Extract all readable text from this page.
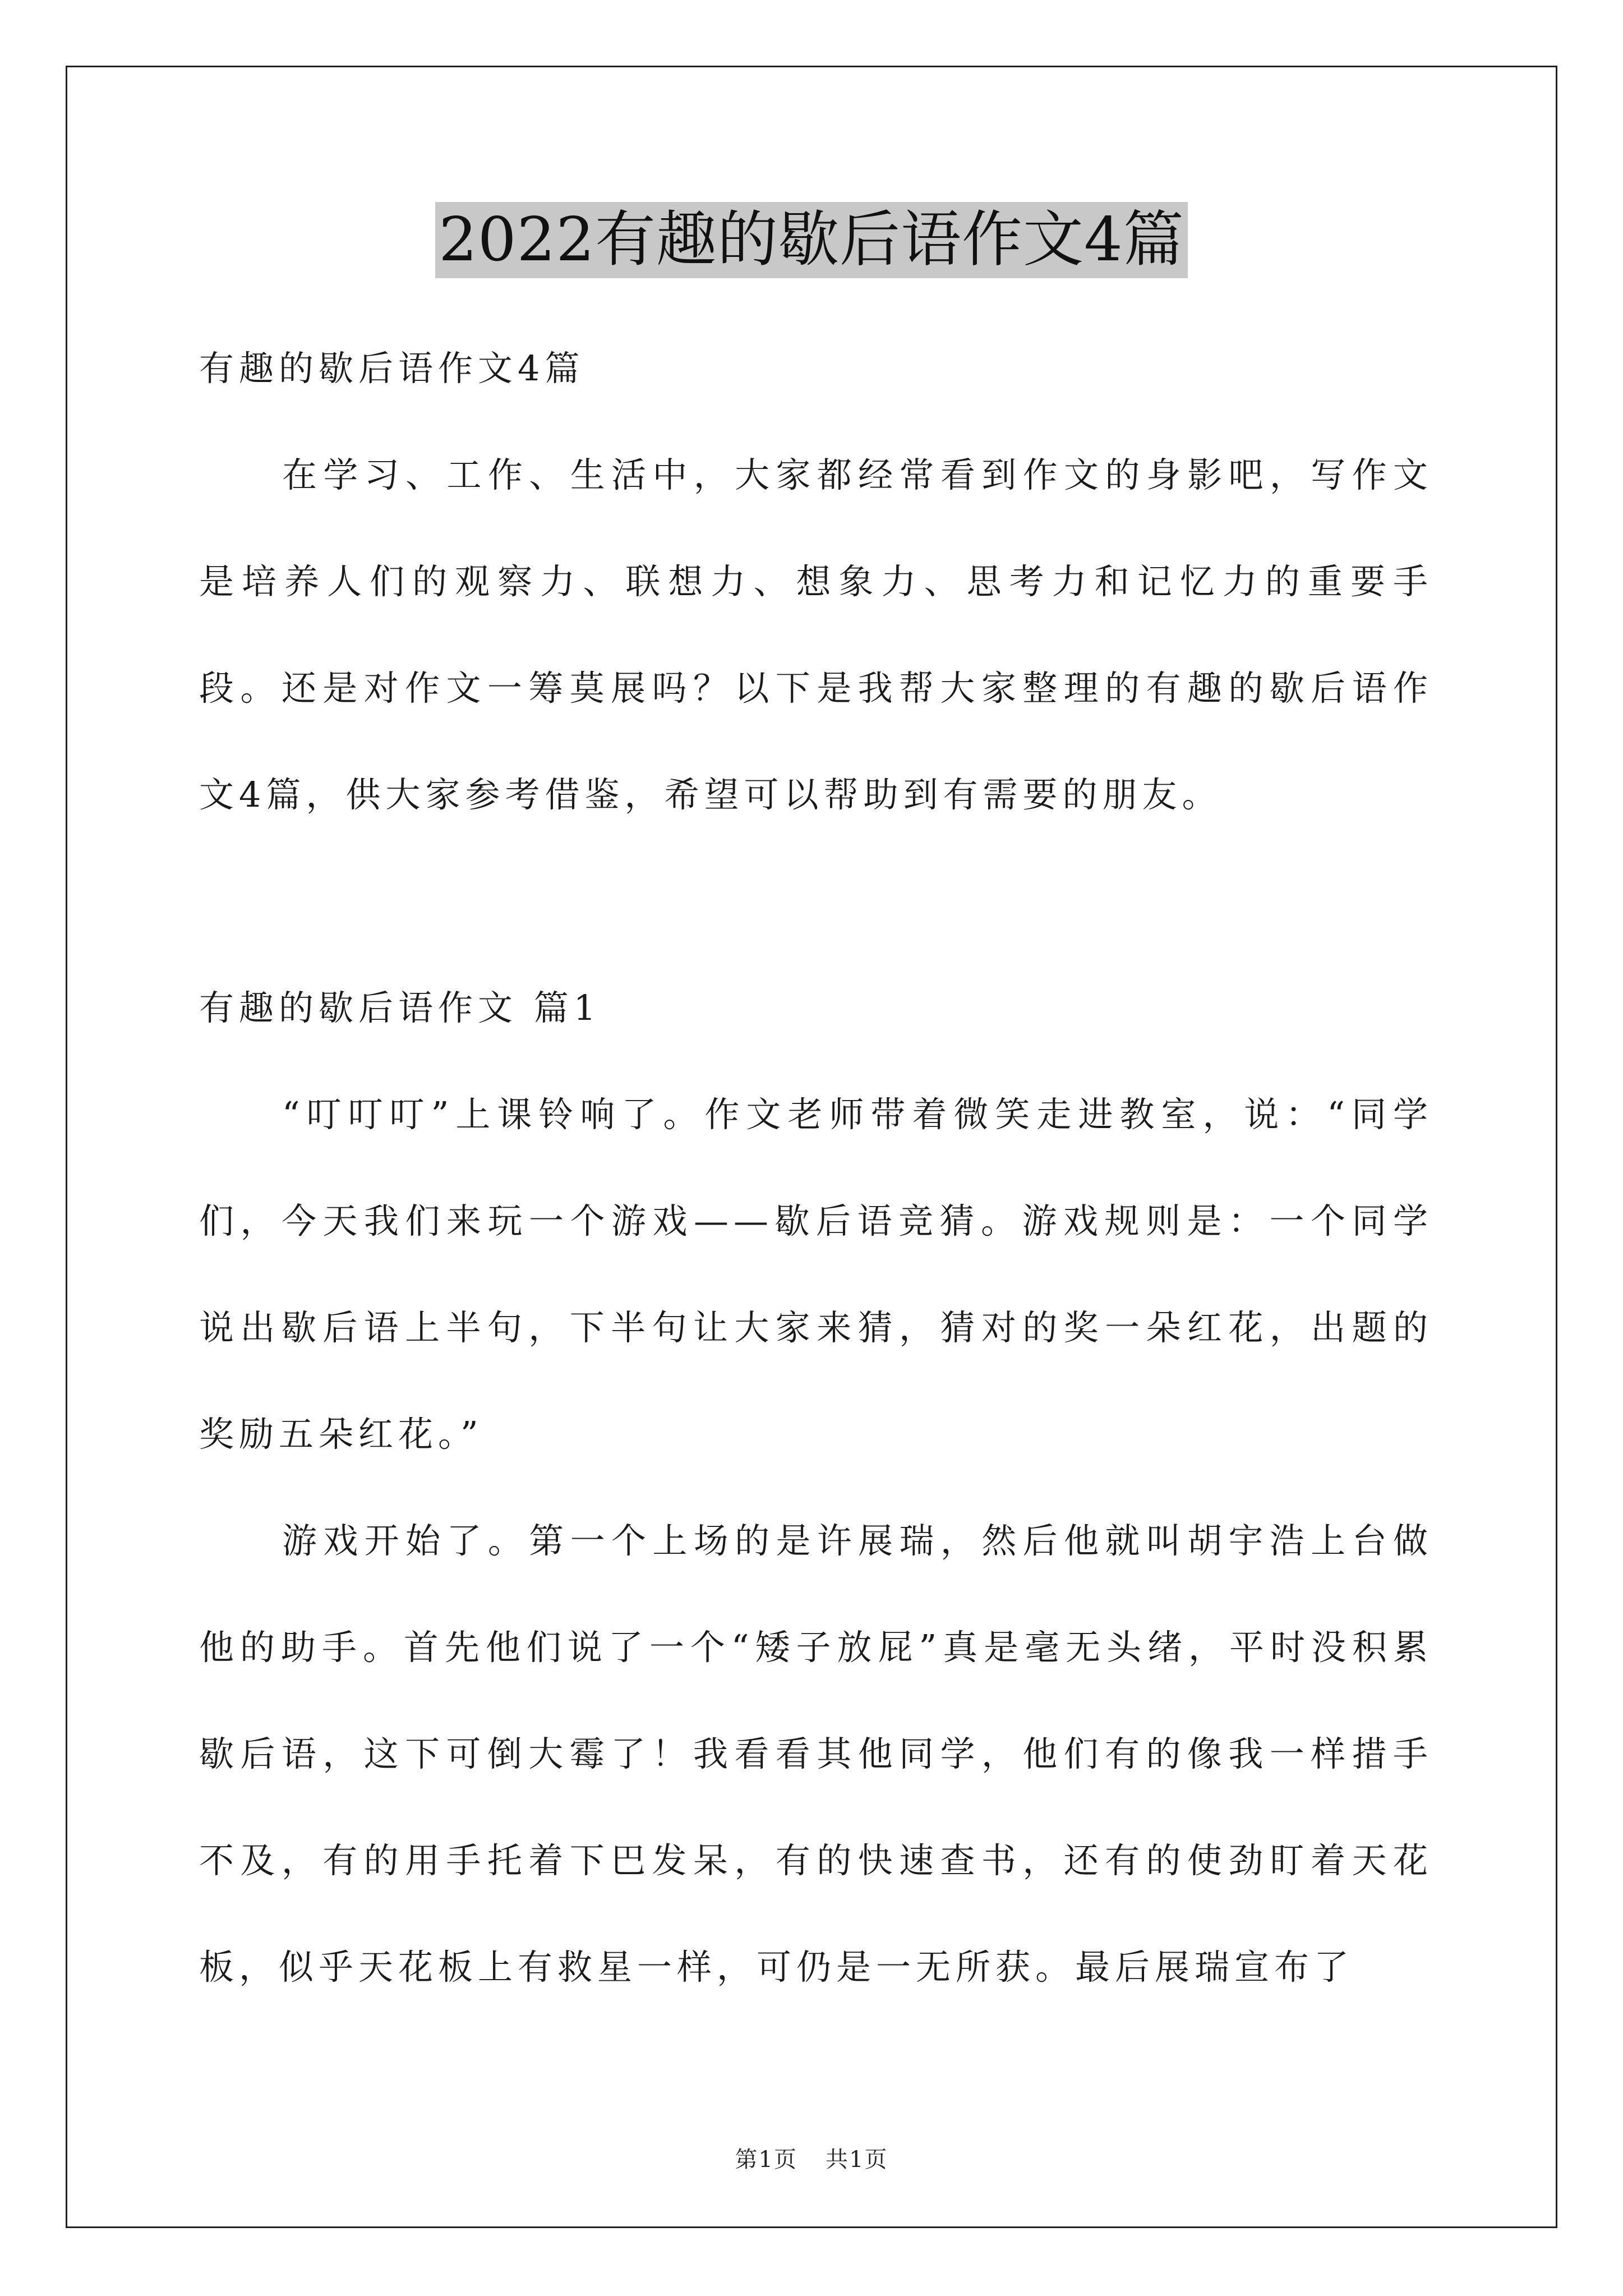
2022有趣的歇后语作文4篇

有趣的歇后语作文4篇

在学习、工作、生活中，大家都经常看到作文的身影吧，写作文是培养人们的观察力、联想力、想象力、思考力和记忆力的重要手段。还是对作文一筹莫展吗？以下是我帮大家整理的有趣的歇后语作文4篇，供大家参考借鉴，希望可以帮助到有需要的朋友。

有趣的歇后语作文 篇1

“叮叮叮”上课铃响了。作文老师带着微笑走进教室，说：“同学们，今天我们来玩一个游戏——歇后语竞猜。游戏规则是：一个同学说出歇后语上半句，下半句让大家来猜，猜对的奖一朵红花，出题的奖励五朵红花。”

游戏开始了。第一个上场的是许展瑞，然后他就叫胡宇浩上台做他的助手。首先他们说了一个“矮子放屁”真是毫无头绪，平时没积累歇后语，这下可倒大霉了！我看看其他同学，他们有的像我一样措手不及，有的用手托着下巴发呆，有的快速查书，还有的使劲盯着天花板，似乎天花板上有救星一样，可仍是一无所获。最后展瑞宣布了

第1页 共1页
